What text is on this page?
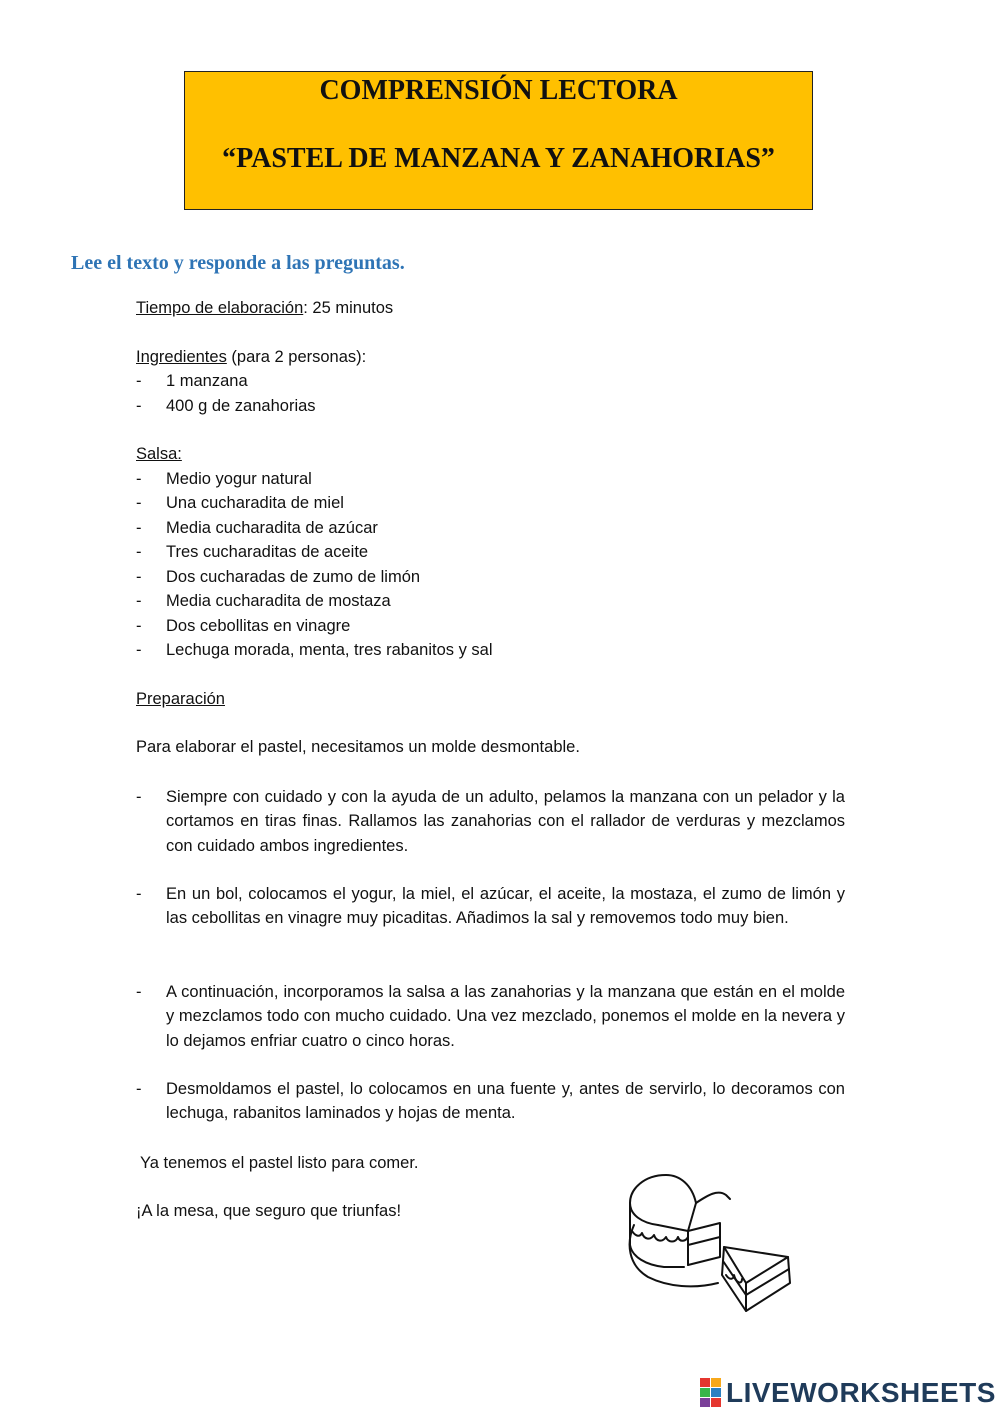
COMPRENSIÓN LECTORA
“PASTEL DE MANZANA Y ZANAHORIAS”
Lee el texto y responde a las preguntas.
Tiempo de elaboración: 25 minutos
Ingredientes (para 2 personas):
- 1 manzana
- 400 g de zanahorias
Salsa:
- Medio yogur natural
- Una cucharadita de miel
- Media cucharadita de azúcar
- Tres cucharaditas de aceite
- Dos cucharadas de zumo de limón
- Media cucharadita de mostaza
- Dos cebollitas en vinagre
- Lechuga morada, menta, tres rabanitos y sal
Preparación
Para elaborar el pastel, necesitamos un molde desmontable.
- Siempre con cuidado y con la ayuda de un adulto, pelamos la manzana con un pelador y la cortamos en tiras finas. Rallamos las zanahorias con el rallador de verduras y mezclamos con cuidado ambos ingredientes.
- En un bol, colocamos el yogur, la miel, el azúcar, el aceite, la mostaza, el zumo de limón y las cebollitas en vinagre muy picaditas. Añadimos la sal y removemos todo muy bien.
- A continuación, incorporamos la salsa a las zanahorias y la manzana que están en el molde y mezclamos todo con mucho cuidado. Una vez mezclado, ponemos el molde en la nevera y lo dejamos enfriar cuatro o cinco horas.
- Desmoldamos el pastel, lo colocamos en una fuente y, antes de servirlo, lo decoramos con lechuga, rabanitos laminados y hojas de menta.
Ya tenemos el pastel listo para comer.
¡A la mesa, que seguro que triunfas!
LIVEWORKSHEETS
